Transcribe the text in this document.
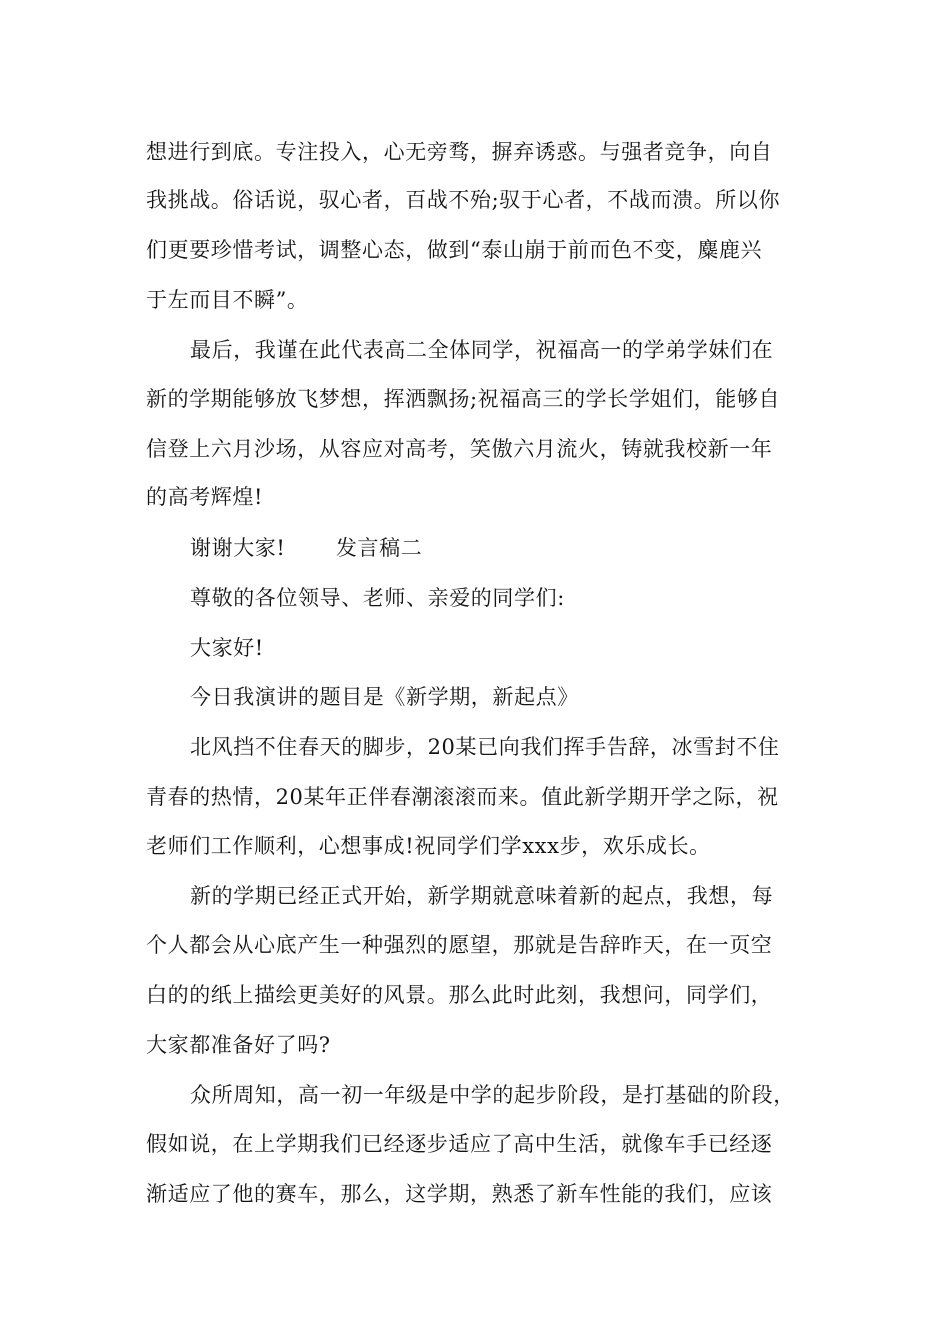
想进行到底。专注投入，心无旁骛，摒弃诱惑。与强者竞争，向自
我挑战。俗话说，驭心者，百战不殆;驭于心者，不战而溃。所以你
们更要珍惜考试，调整心态，做到“泰山崩于前而色不变，麋鹿兴
于左而目不瞬”。
最后，我谨在此代表高二全体同学，祝福高一的学弟学妹们在
新的学期能够放飞梦想，挥洒飘扬;祝福高三的学长学姐们，能够自
信登上六月沙场，从容应对高考，笑傲六月流火，铸就我校新一年
的高考辉煌!
谢谢大家!　　 发言稿二
尊敬的各位领导、老师、亲爱的同学们:
大家好!
今日我演讲的题目是《新学期，新起点》
北风挡不住春天的脚步，20某已向我们挥手告辞，冰雪封不住
青春的热情，20某年正伴春潮滚滚而来。值此新学期开学之际，祝
老师们工作顺利，心想事成!祝同学们学xxx步，欢乐成长。
新的学期已经正式开始，新学期就意味着新的起点，我想，每
个人都会从心底产生一种强烈的愿望，那就是告辞昨天，在一页空
白的的纸上描绘更美好的风景。那么此时此刻，我想问，同学们，
大家都准备好了吗?
众所周知，高一初一年级是中学的起步阶段，是打基础的阶段，
假如说，在上学期我们已经逐步适应了高中生活，就像车手已经逐
渐适应了他的赛车，那么，这学期，熟悉了新车性能的我们，应该
